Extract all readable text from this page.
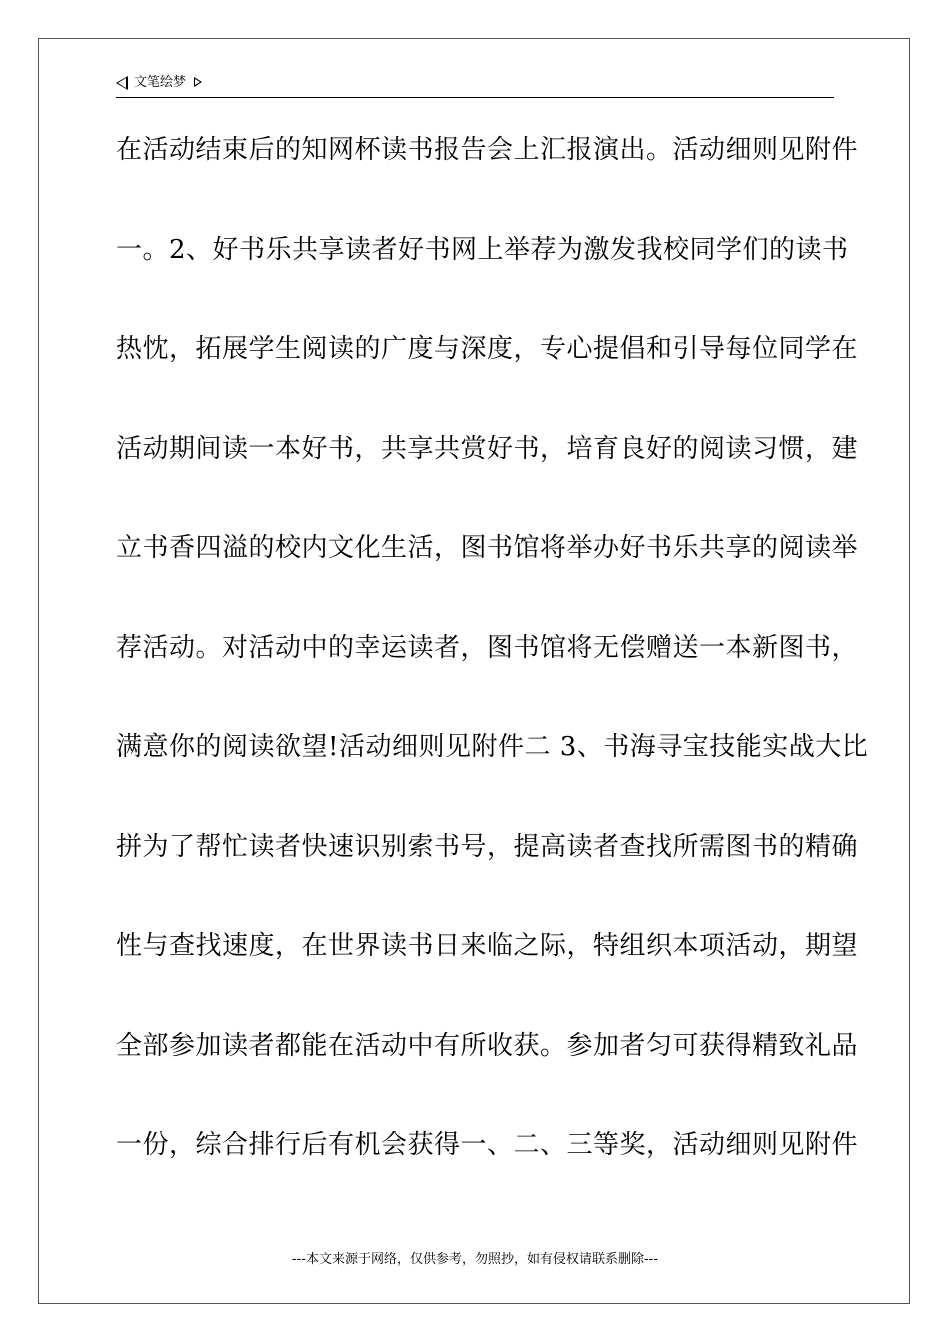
文笔绘梦
在活动结束后的知网杯读书报告会上汇报演出。活动细则见附件
一。2、好书乐共享读者好书网上举荐为激发我校同学们的读书
热忱，拓展学生阅读的广度与深度，专心提倡和引导每位同学在
活动期间读一本好书，共享共赏好书，培育良好的阅读习惯，建
立书香四溢的校内文化生活，图书馆将举办好书乐共享的阅读举
荐活动。对活动中的幸运读者，图书馆将无偿赠送一本新图书，
满意你的阅读欲望!活动细则见附件二 3、书海寻宝技能实战大比
拼为了帮忙读者快速识别索书号，提高读者查找所需图书的精确
性与查找速度，在世界读书日来临之际，特组织本项活动，期望
全部参加读者都能在活动中有所收获。参加者匀可获得精致礼品
一份，综合排行后有机会获得一、二、三等奖，活动细则见附件
---本文来源于网络，仅供参考，勿照抄，如有侵权请联系删除---
